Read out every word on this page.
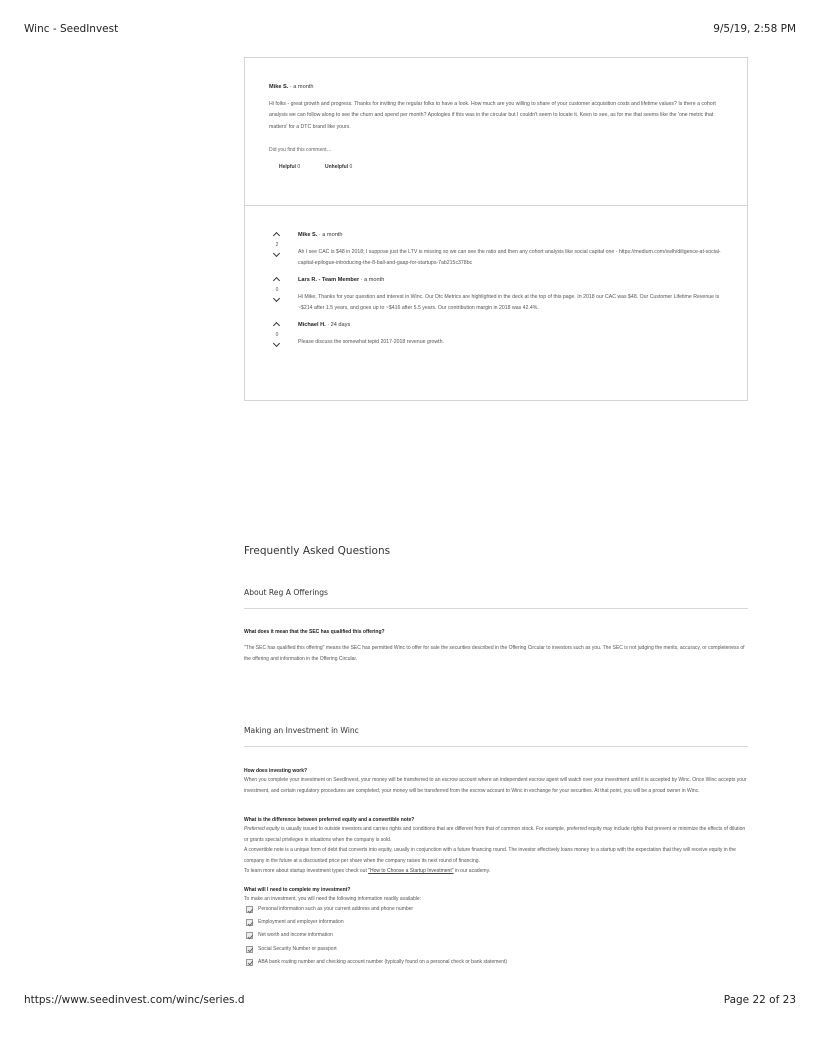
Winc - SeedInvest	9/5/19, 2:58 PM
Mike S. · a month
Hi folks - great growth and progress. Thanks for inviting the regular folks to have a look. How much are you willing to share of your customer acquisition costs and lifetime values? Is there a cohort analysis we can follow along to see the churn and spend per month? Apologies if this was in the circular but I couldn't seem to locate it. Keen to see, as for me that seems like the 'one metric that matters' for a DTC brand like yours.
Did you find this comment…
Helpful 0	Unhelpful 0
2
Mike S. · a month
Ah I see CAC is $48 in 2018; I suppose just the LTV is missing so we can see the ratio and then any cohort analysis like social capital one - https://medium.com/swlh/diligence-at-social-capital-epilogue-introducing-the-8-ball-and-gaap-for-startups-7ab215c378bc
0
Lars R. - Team Member · a month
Hi Mike, Thanks for your question and interest in Winc. Our Dtc Metrics are highlighted in the deck at the top of this page. In 2018 our CAC was $48. Our Customer Lifetime Revenue is ~$214 after 1.5 years, and goes up to ~$416 after 5.5 years. Our contribution margin in 2018 was 42.4%.
0
Michael H. · 24 days
Please discuss the somewhat tepid 2017-2018 revenue growth.
Frequently Asked Questions
About Reg A Offerings
What does it mean that the SEC has qualified this offering?
"The SEC has qualified this offering" means the SEC has permitted Winc to offer for sale the securities described in the Offering Circular to investors such as you. The SEC is not judging the merits, accuracy, or completeness of the offering and information in the Offering Circular.
Making an Investment in Winc
How does investing work?
When you complete your investment on SeedInvest, your money will be transferred to an escrow account where an independent escrow agent will watch over your investment until it is accepted by Winc. Once Winc accepts your investment, and certain regulatory procedures are completed, your money will be transferred from the escrow account to Winc in exchange for your securities. At that point, you will be a proud owner in Winc.
What is the difference between preferred equity and a convertible note?
Preferred equity is usually issued to outside investors and carries rights and conditions that are different from that of common stock. For example, preferred equity may include rights that prevent or minimize the effects of dilution or grants special privileges in situations when the company is sold.
A convertible note is a unique form of debt that converts into equity, usually in conjunction with a future financing round. The investor effectively loans money to a startup with the expectation that they will receive equity in the company in the future at a discounted price per share when the company raises its next round of financing.
To learn more about startup investment types check out "How to Choose a Startup Investment" in our academy.
What will I need to complete my investment?
To make an investment, you will need the following information readily available:
Personal information such as your current address and phone number
Employment and employer information
Net worth and income information
Social Security Number or passport
ABA bank routing number and checking account number (typically found on a personal check or bank statement)
https://www.seedinvest.com/winc/series.d	Page 22 of 23
